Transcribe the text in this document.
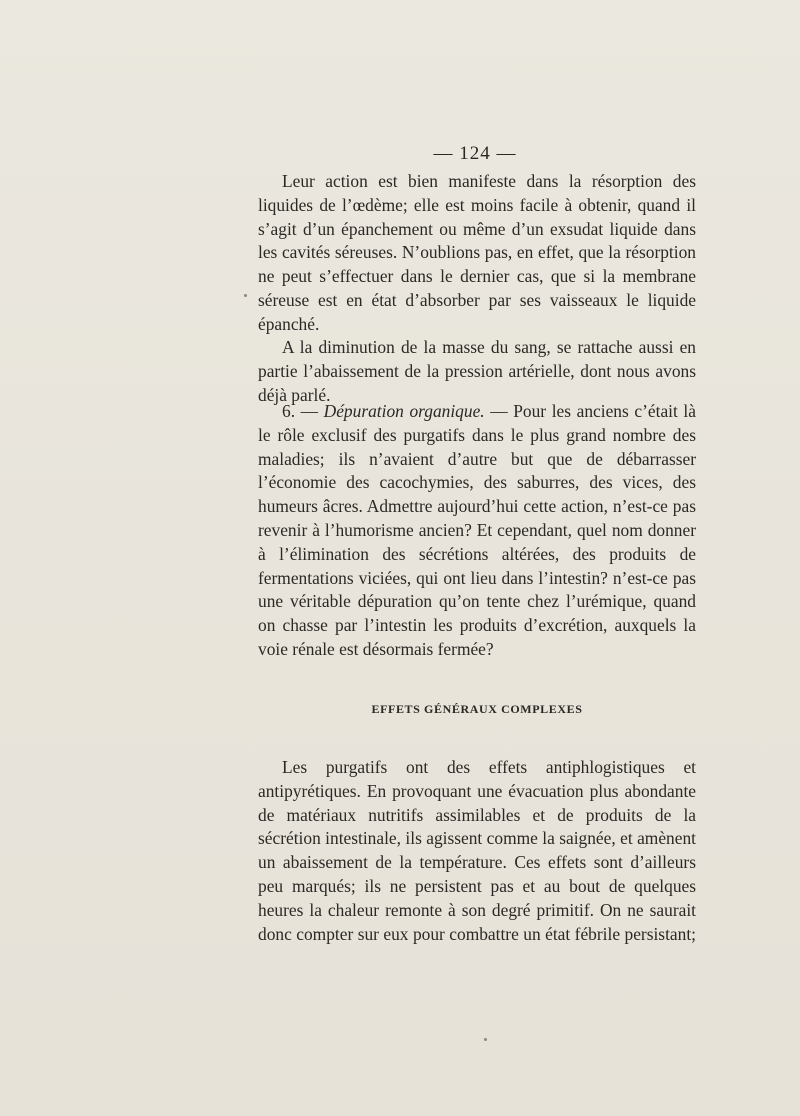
— 124 —

Leur action est bien manifeste dans la résorption des liquides de l’œdème; elle est moins facile à obtenir, quand il s’agit d’un épanchement ou même d’un exsudat liquide dans les cavités séreuses. N’oublions pas, en effet, que la résorption ne peut s’effectuer dans le dernier cas, que si la membrane séreuse est en état d’absorber par ses vaisseaux le liquide épanché.

A la diminution de la masse du sang, se rattache aussi en partie l’abaissement de la pression artérielle, dont nous avons déjà parlé.

6. — Dépuration organique. — Pour les anciens c’était là le rôle exclusif des purgatifs dans le plus grand nombre des maladies; ils n’avaient d’autre but que de débarrasser l’économie des cacochymies, des saburres, des vices, des humeurs âcres. Admettre aujourd’hui cette action, n’est-ce pas revenir à l’humorisme ancien? Et cependant, quel nom donner à l’élimination des sécrétions altérées, des produits de fermentations viciées, qui ont lieu dans l’intestin? n’est-ce pas une véritable dépuration qu’on tente chez l’urémique, quand on chasse par l’intestin les produits d’excrétion, auxquels la voie rénale est désormais fermée?

EFFETS GÉNÉRAUX COMPLEXES

Les purgatifs ont des effets antiphlogistiques et antipyrétiques. En provoquant une évacuation plus abondante de matériaux nutritifs assimilables et de produits de la sécrétion intestinale, ils agissent comme la saignée, et amènent un abaissement de la température. Ces effets sont d’ailleurs peu marqués; ils ne persistent pas et au bout de quelques heures la chaleur remonte à son degré primitif. On ne saurait donc compter sur eux pour combattre un état fébrile persistant;
